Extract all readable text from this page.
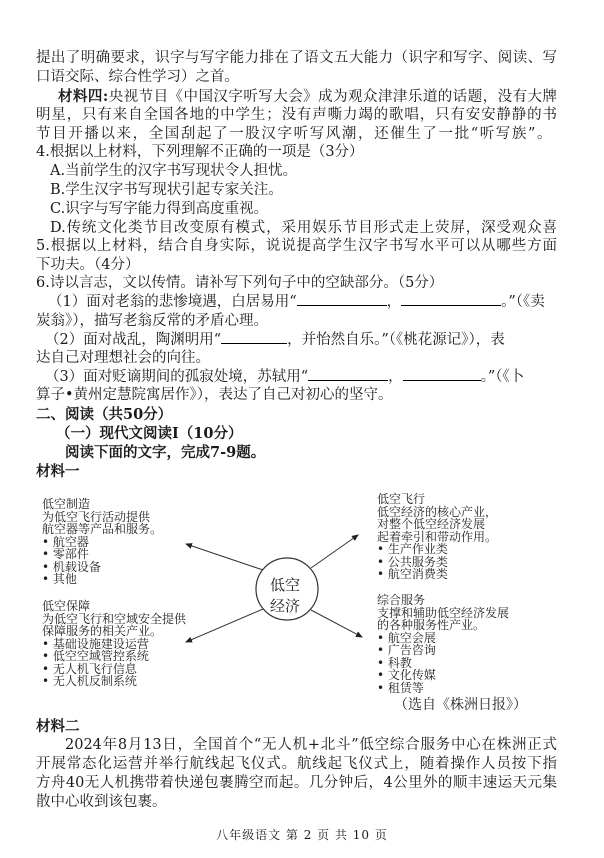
提出了明确要求，识字与写字能力排在了语文五大能力（识字和写字、阅读、写
口语交际、综合性学习）之首。
材料四:央视节目《中国汉字听写大会》成为观众津津乐道的话题，没有大牌
明星，只有来自全国各地的中学生；没有声嘶力竭的歌唱，只有安安静静的书
节目开播以来，全国刮起了一股汉字听写风潮，还催生了一批“听写族”。
4.根据以上材料，下列理解不正确的一项是（3分）
A.当前学生的汉字书写现状令人担忧。
B.学生汉字书写现状引起专家关注。
C.识字与写字能力得到高度重视。
D.传统文化类节目改变原有模式，采用娱乐节目形式走上荧屏，深受观众喜
5.根据以上材料，结合自身实际，说说提高学生汉字书写水平可以从哪些方面
下功夫。（4分）
6.诗以言志，文以传情。请补写下列句子中的空缺部分。（5分）
（1）面对老翁的悲惨境遇，白居易用“	，	。”（《卖
炭翁》），描写老翁反常的矛盾心理。
（2）面对战乱，陶渊明用“	，并怡然自乐。”（《桃花源记》），表
达自己对理想社会的向往。
（3）面对贬谪期间的孤寂处境，苏轼用“	，	。”（《卜
算子•黄州定慧院寓居作》），表达了自己对初心的坚守。
二、阅读（共50分）
（一）现代文阅读Ⅰ（10分）
阅读下面的文字，完成7-9题。
材料一
低空
经济
低空制造
为低空飞行活动提供
航空器等产品和服务。
• 航空器
• 零部件
• 机载设备
• 其他
低空保障
为低空飞行和空域安全提供
保障服务的相关产业。
• 基础设施建设运营
• 低空空域管控系统
• 无人机飞行信息
• 无人机反制系统
低空飞行
低空经济的核心产业，
对整个低空经济发展
起着牵引和带动作用。
• 生产作业类
• 公共服务类
• 航空消费类
综合服务
支撑和辅助低空经济发展
的各种服务性产业。
• 航空会展
• 广告咨询
• 科教
• 文化传媒
• 租赁等
（选自《株洲日报》）
材料二
2024年8月13日，全国首个“无人机+北斗”低空综合服务中心在株洲正式
开展常态化运营并举行航线起飞仪式。航线起飞仪式上，随着操作人员按下指
方舟40无人机携带着快递包裹腾空而起。几分钟后，4公里外的顺丰速运天元集
散中心收到该包裹。
八年级语文 第 2 页 共 10 页
